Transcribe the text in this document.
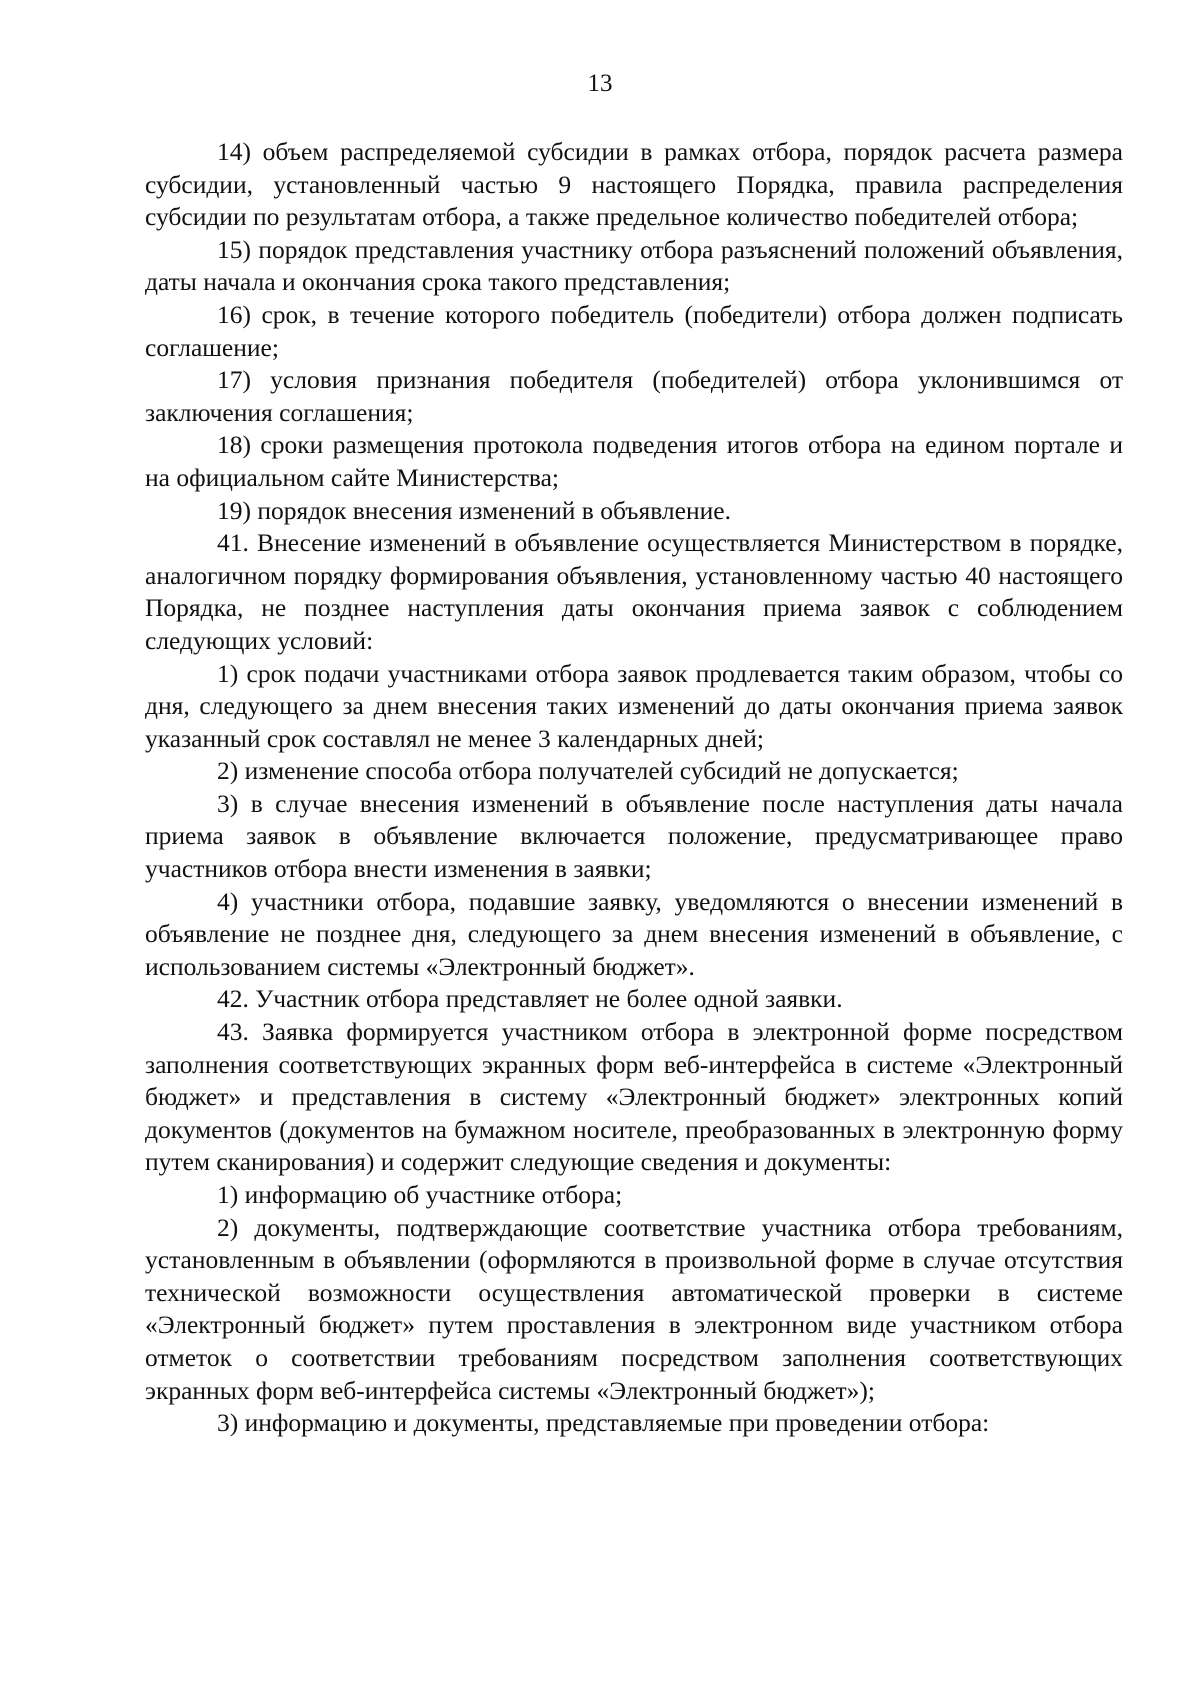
13

14) объем распределяемой субсидии в рамках отбора, порядок расчета размера субсидии, установленный частью 9 настоящего Порядка, правила распределения субсидии по результатам отбора, а также предельное количество победителей отбора;

15) порядок представления участнику отбора разъяснений положений объявления, даты начала и окончания срока такого представления;

16) срок, в течение которого победитель (победители) отбора должен подписать соглашение;

17) условия признания победителя (победителей) отбора уклонившимся от заключения соглашения;

18) сроки размещения протокола подведения итогов отбора на едином портале и на официальном сайте Министерства;

19) порядок внесения изменений в объявление.

41. Внесение изменений в объявление осуществляется Министерством в порядке, аналогичном порядку формирования объявления, установленному частью 40 настоящего Порядка, не позднее наступления даты окончания приема заявок с соблюдением следующих условий:

1) срок подачи участниками отбора заявок продлевается таким образом, чтобы со дня, следующего за днем внесения таких изменений до даты окончания приема заявок указанный срок составлял не менее 3 календарных дней;

2) изменение способа отбора получателей субсидий не допускается;

3) в случае внесения изменений в объявление после наступления даты начала приема заявок в объявление включается положение, предусматривающее право участников отбора внести изменения в заявки;

4) участники отбора, подавшие заявку, уведомляются о внесении изменений в объявление не позднее дня, следующего за днем внесения изменений в объявление, с использованием системы «Электронный бюджет».

42. Участник отбора представляет не более одной заявки.

43. Заявка формируется участником отбора в электронной форме посредством заполнения соответствующих экранных форм веб-интерфейса в системе «Электронный бюджет» и представления в систему «Электронный бюджет» электронных копий документов (документов на бумажном носителе, преобразованных в электронную форму путем сканирования) и содержит следующие сведения и документы:

1) информацию об участнике отбора;

2) документы, подтверждающие соответствие участника отбора требованиям, установленным в объявлении (оформляются в произвольной форме в случае отсутствия технической возможности осуществления автоматической проверки в системе «Электронный бюджет» путем проставления в электронном виде участником отбора отметок о соответствии требованиям посредством заполнения соответствующих экранных форм веб-интерфейса системы «Электронный бюджет»);

3) информацию и документы, представляемые при проведении отбора:
